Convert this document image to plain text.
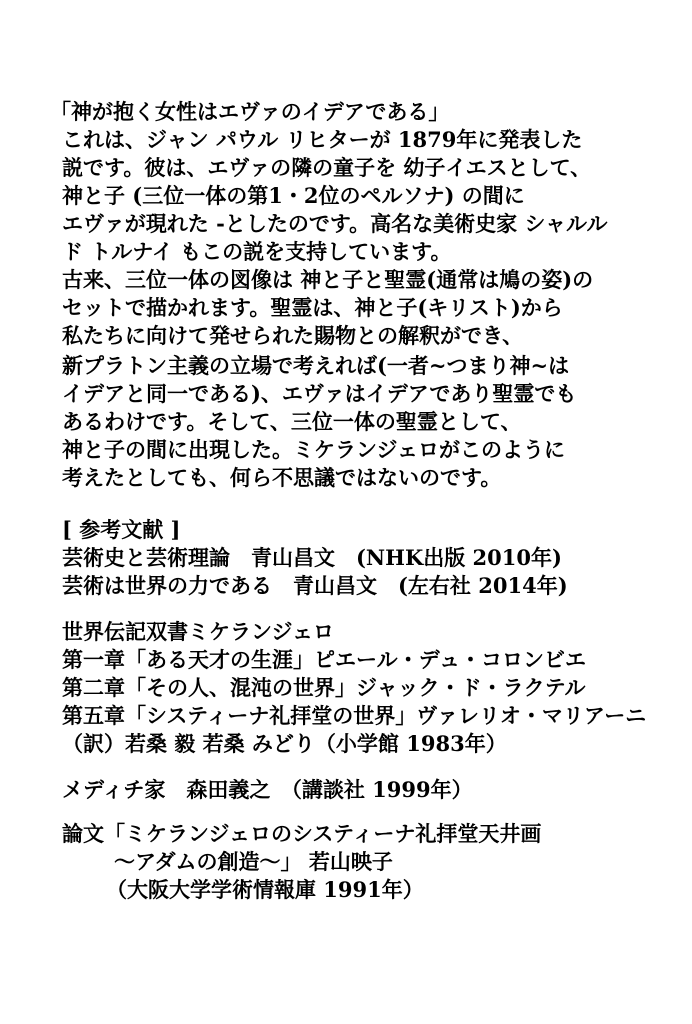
「神が抱く女性はエヴァのイデアである」
これは、ジャン パウル リヒターが 1879年に発表した
説です。彼は、エヴァの隣の童子を 幼子イエスとして、
神と子 (三位一体の第1・2位のペルソナ) の間に
エヴァが現れた -としたのです。高名な美術史家 シャルル
ド トルナイ もこの説を支持しています。
古来、三位一体の図像は 神と子と聖霊(通常は鳩の姿)の
セットで描かれます。聖霊は、神と子(キリスト)から
私たちに向けて発せられた賜物との解釈ができ、
新プラトン主義の立場で考えれば(一者~つまり神~は
イデアと同一である)、エヴァはイデアであり聖霊でも
あるわけです。そして、三位一体の聖霊として、
神と子の間に出現した。ミケランジェロがこのように
考えたとしても、何ら不思議ではないのです。
[ 参考文献 ]
芸術史と芸術理論　青山昌文　(NHK出版 2010年)
芸術は世界の力である　青山昌文　(左右社 2014年)
世界伝記双書ミケランジェロ
第一章「ある天才の生涯」ピエール・デュ・コロンビエ
第二章「その人、混沌の世界」ジャック・ド・ラクテル
第五章「システィーナ礼拝堂の世界」ヴァレリオ・マリアーニ
（訳）若桑 毅 若桑 みどり（小学館 1983年）
メディチ家　森田義之　（講談社 1999年）
論文「ミケランジェロのシスティーナ礼拝堂天井画
〜アダムの創造〜」 若山映子
（大阪大学学術情報庫 1991年）
